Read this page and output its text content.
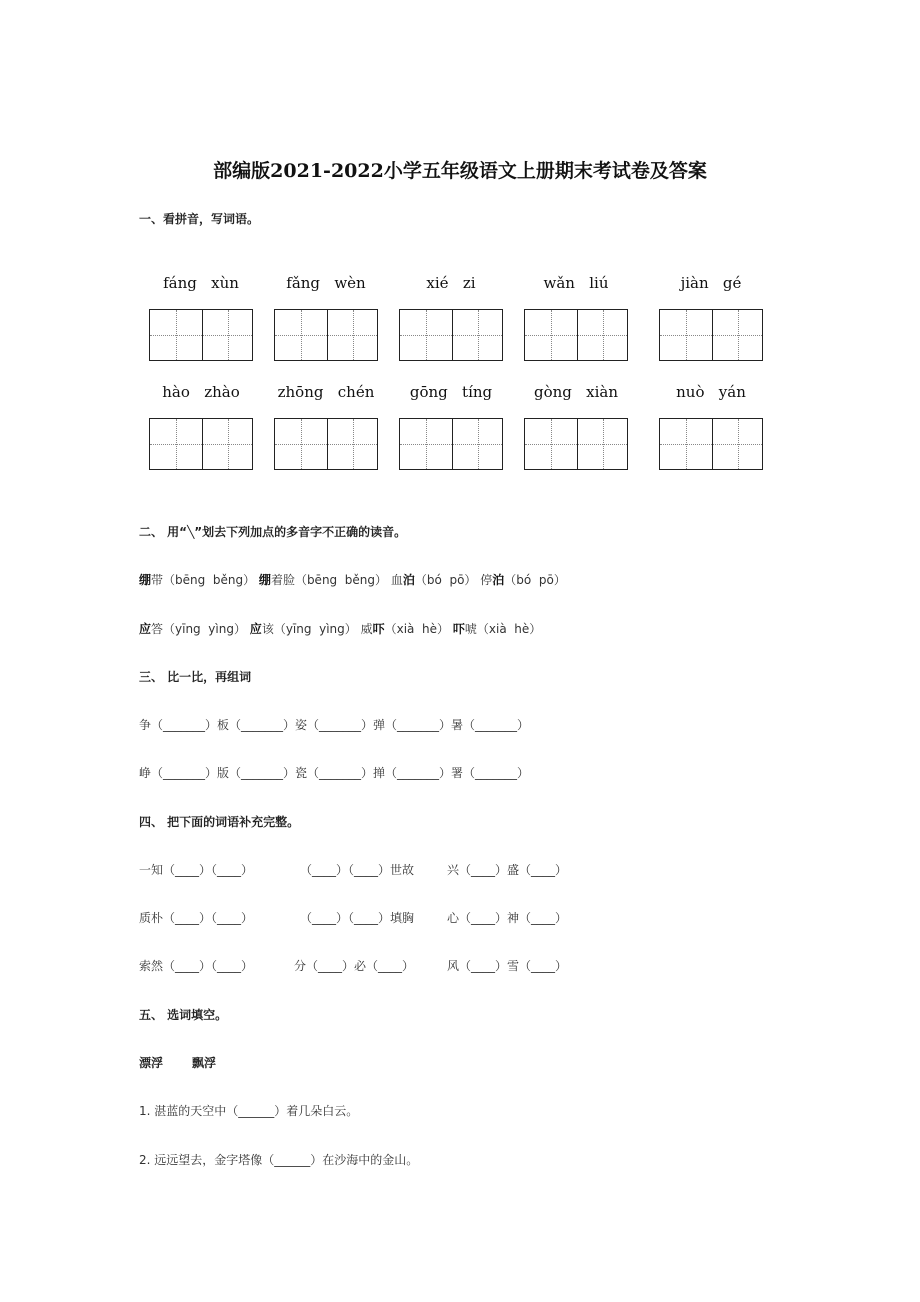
部编版2021-2022小学五年级语文上册期末考试卷及答案
一、看拼音，写词语。
fáng   xùn	fǎng   wèn	xié   zi	wǎn   liú	jiàn   gé
hào   zhào	zhōng   chén	gōng   tíng	gòng   xiàn	nuò   yán
二、 用“╲”划去下列加点的多音字不正确的读音。
绷带（bēng  běng） 绷着脸（bēng  běng） 血泊（bó  pō） 停泊（bó  pō）
应答（yīng  yìng） 应该（yīng  yìng） 威吓（xià  hè） 吓唬（xià  hè）
三、 比一比，再组词
争（_______）板（_______）姿（_______）弹（_______）暑（_______）
峥（_______）版（_______）瓷（_______）掸（_______）署（_______）
四、 把下面的词语补充完整。
一知（____）（____）	（____）（____）世故	兴（____）盛（____）
质朴（____）（____）	（____）（____）填胸	心（____）神（____）
索然（____）（____）	分（____）必（____）	风（____）雪（____）
五、 选词填空。
漂浮 飘浮
1. 湛蓝的天空中（______）着几朵白云。
2. 远远望去，金字塔像（______）在沙海中的金山。
